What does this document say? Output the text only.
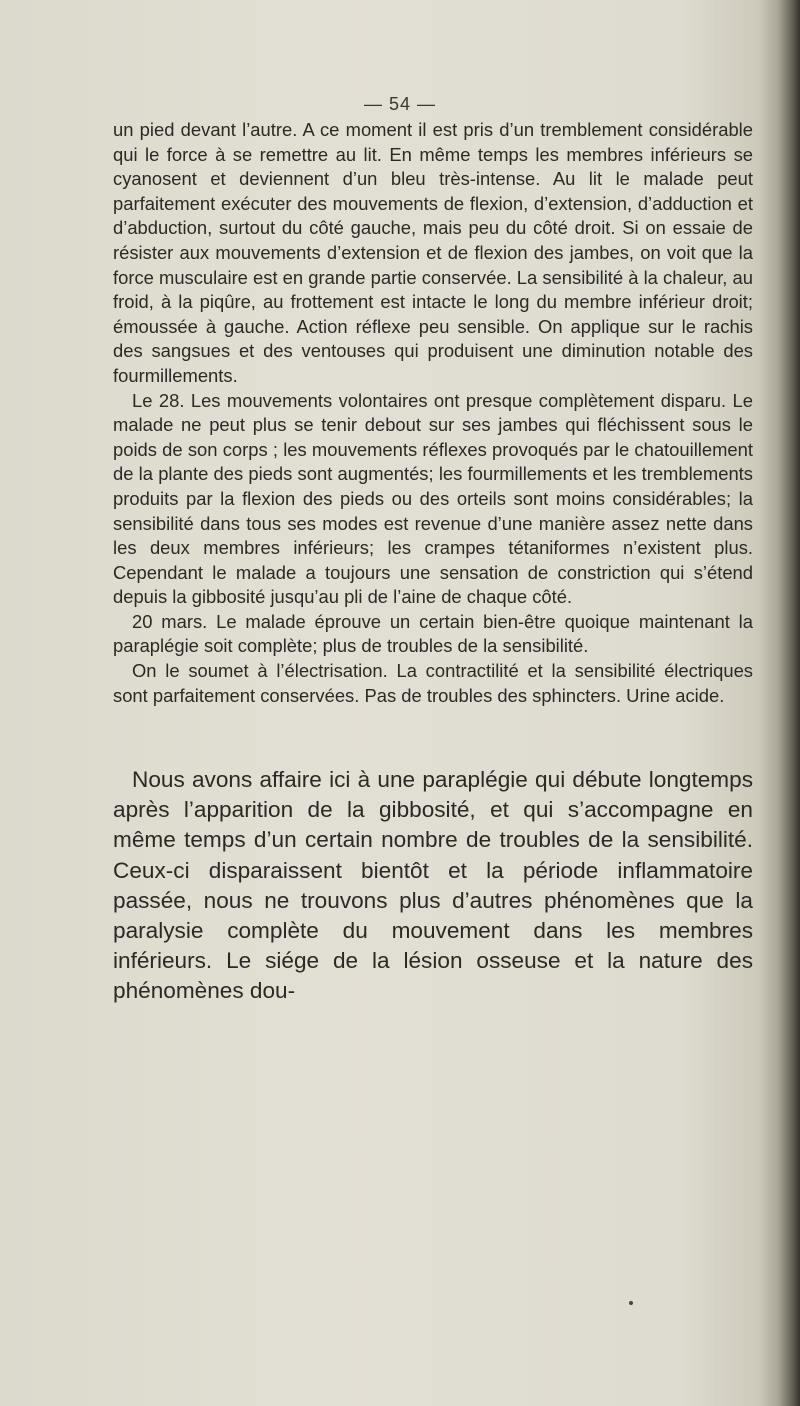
— 54 —

un pied devant l’autre. A ce moment il est pris d’un tremblement considérable qui le force à se remettre au lit. En même temps les membres inférieurs se cyanosent et deviennent d’un bleu très-intense. Au lit le malade peut parfaitement exécuter des mouvements de flexion, d’extension, d’adduction et d’abduction, surtout du côté gauche, mais peu du côté droit. Si on essaie de résister aux mouvements d’extension et de flexion des jambes, on voit que la force musculaire est en grande partie conservée. La sensibilité à la chaleur, au froid, à la piqûre, au frottement est intacte le long du membre inférieur droit; émoussée à gauche. Action réflexe peu sensible. On applique sur le rachis des sangsues et des ventouses qui produisent une diminution notable des fourmillements.

Le 28. Les mouvements volontaires ont presque complètement disparu. Le malade ne peut plus se tenir debout sur ses jambes qui fléchissent sous le poids de son corps ; les mouvements réflexes provoqués par le chatouillement de la plante des pieds sont augmentés; les fourmillements et les tremblements produits par la flexion des pieds ou des orteils sont moins considérables; la sensibilité dans tous ses modes est revenue d’une manière assez nette dans les deux membres inférieurs; les crampes tétaniformes n’existent plus. Cependant le malade a toujours une sensation de constriction qui s’étend depuis la gibbosité jusqu’au pli de l’aine de chaque côté.

20 mars. Le malade éprouve un certain bien-être quoique maintenant la paraplégie soit complète; plus de troubles de la sensibilité.

On le soumet à l’électrisation. La contractilité et la sensibilité électriques sont parfaitement conservées. Pas de troubles des sphincters. Urine acide.

Nous avons affaire ici à une paraplégie qui débute longtemps après l’apparition de la gibbosité, et qui s’accompagne en même temps d’un certain nombre de troubles de la sensibilité. Ceux-ci disparaissent bientôt et la période inflammatoire passée, nous ne trouvons plus d’autres phénomènes que la paralysie complète du mouvement dans les membres inférieurs. Le siége de la lésion osseuse et la nature des phénomènes dou-
